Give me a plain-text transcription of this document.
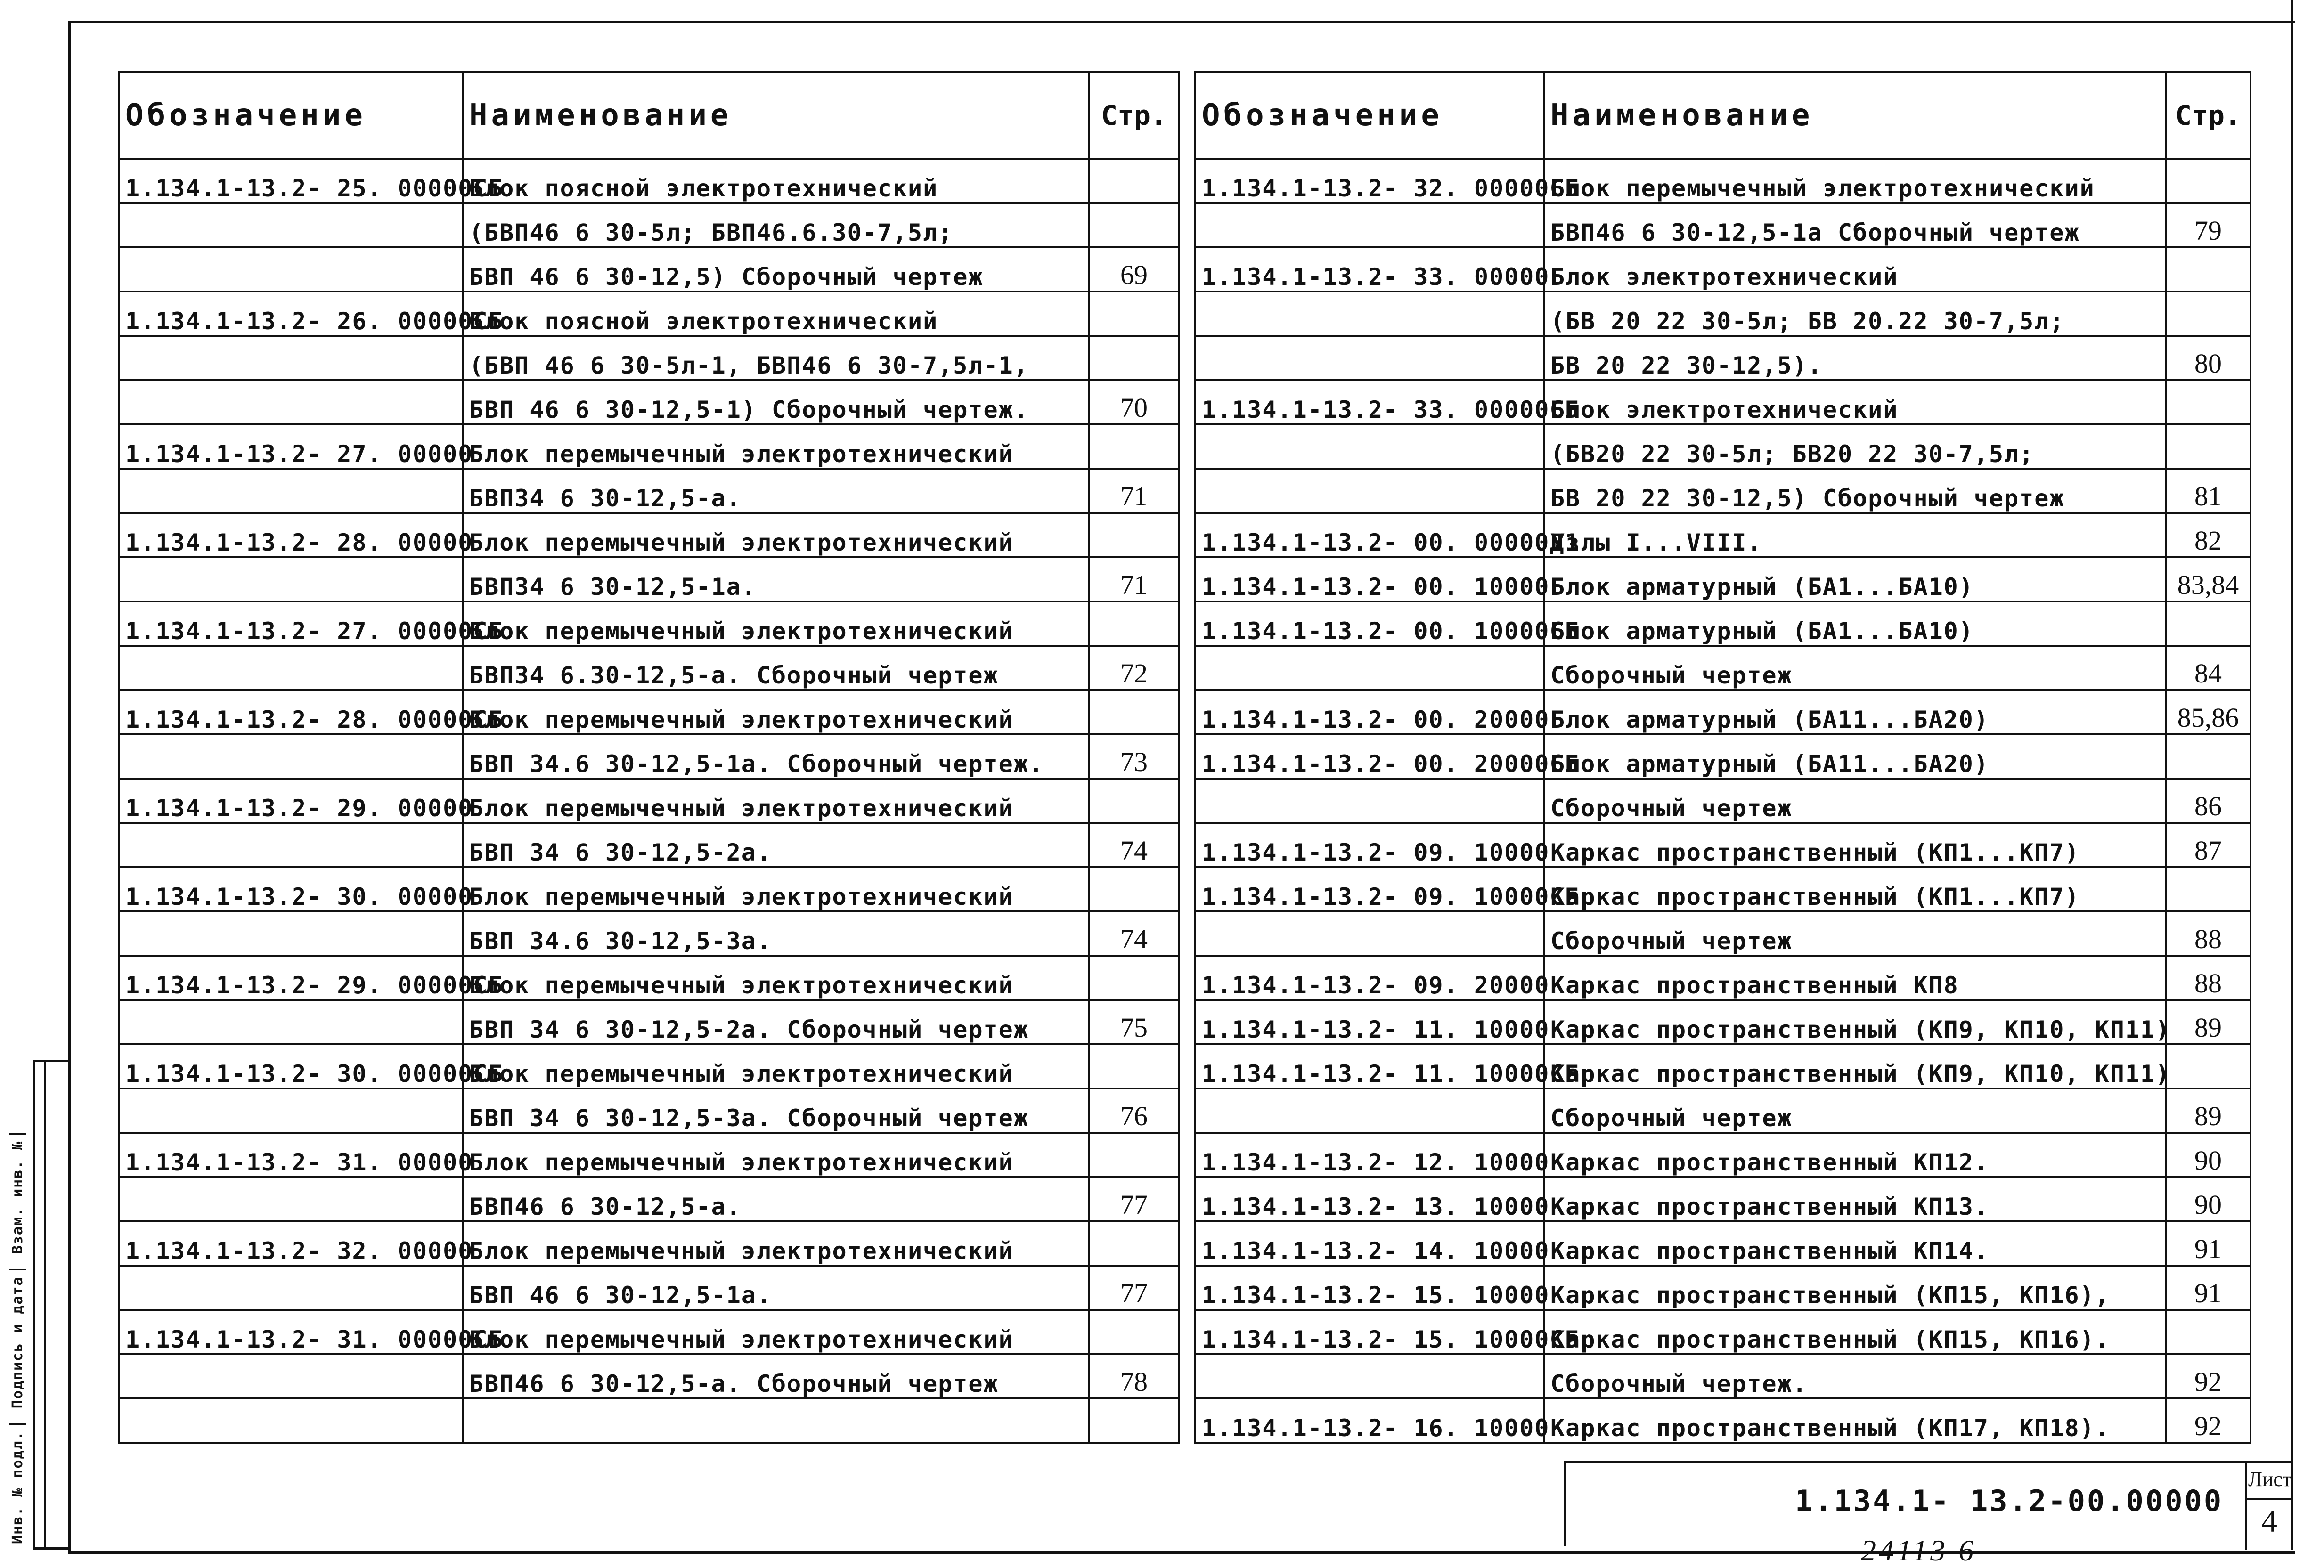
Инв. № подл. Подпись и дата Взам. инв. №
Обозначение	Наименование	Стр.
1.134.1-13.2- 25. 00000СБ	Блок поясной электротехнический	
	(БВП46 6 30-5л; БВП46.6.30-7,5л;	
	БВП 46 6 30-12,5) Сборочный чертеж	69
1.134.1-13.2- 26. 00000СБ	Блок поясной электротехнический	
	(БВП 46 6 30-5л-1, БВП46 6 30-7,5л-1,	
	БВП 46 6 30-12,5-1) Сборочный чертеж.	70
1.134.1-13.2- 27. 00000	Блок перемычечный электротехнический	
	БВП34 6 30-12,5-а.	71
1.134.1-13.2- 28. 00000	Блок перемычечный электротехнический	
	БВП34 6 30-12,5-1а.	71
1.134.1-13.2- 27. 00000СБ	Блок перемычечный электротехнический	
	БВП34 6.30-12,5-а. Сборочный чертеж	72
1.134.1-13.2- 28. 00000СБ	Блок перемычечный электротехнический	
	БВП 34.6 30-12,5-1а. Сборочный чертеж.	73
1.134.1-13.2- 29. 00000	Блок перемычечный электротехнический	
	БВП 34 6 30-12,5-2а.	74
1.134.1-13.2- 30. 00000	Блок перемычечный электротехнический	
	БВП 34.6 30-12,5-3а.	74
1.134.1-13.2- 29. 00000СБ	Блок перемычечный электротехнический	
	БВП 34 6 30-12,5-2а. Сборочный чертеж	75
1.134.1-13.2- 30. 00000СБ	Блок перемычечный электротехнический	
	БВП 34 6 30-12,5-3а. Сборочный чертеж	76
1.134.1-13.2- 31. 00000	Блок перемычечный электротехнический	
	БВП46 6 30-12,5-а.	77
1.134.1-13.2- 32. 00000	Блок перемычечный электротехнический	
	БВП 46 6 30-12,5-1а.	77
1.134.1-13.2- 31. 00000СБ	Блок перемычечный электротехнический	
	БВП46 6 30-12,5-а. Сборочный чертеж	78

Обозначение	Наименование	Стр.
1.134.1-13.2- 32. 00000СБ	Блок перемычечный электротехнический	
	БВП46 6 30-12,5-1а Сборочный чертеж	79
1.134.1-13.2- 33. 00000	Блок электротехнический	
	(БВ 20 22 30-5л; БВ 20.22 30-7,5л;	
	БВ 20 22 30-12,5).	80
1.134.1-13.2- 33. 00000СБ	Блок электротехнический	
	(БВ20 22 30-5л; БВ20 22 30-7,5л;	
	БВ 20 22 30-12,5) Сборочный чертеж	81
1.134.1-13.2- 00. 00000Д1	Узлы I...VIII.	82
1.134.1-13.2- 00. 10000	Блок арматурный (БА1...БА10)	83,84
1.134.1-13.2- 00. 10000СБ	Блок арматурный (БА1...БА10)	
	Сборочный чертеж	84
1.134.1-13.2- 00. 20000	Блок арматурный (БА11...БА20)	85,86
1.134.1-13.2- 00. 20000СБ	Блок арматурный (БА11...БА20)	
	Сборочный чертеж	86
1.134.1-13.2- 09. 10000	Каркас пространственный (КП1...КП7)	87
1.134.1-13.2- 09. 10000СБ	Каркас пространственный (КП1...КП7)	
	Сборочный чертеж	88
1.134.1-13.2- 09. 20000	Каркас пространственный КП8	88
1.134.1-13.2- 11. 10000	Каркас пространственный (КП9, КП10, КП11)	89
1.134.1-13.2- 11. 10000СБ	Каркас пространственный (КП9, КП10, КП11)	
	Сборочный чертеж	89
1.134.1-13.2- 12. 10000	Каркас пространственный КП12.	90
1.134.1-13.2- 13. 10000	Каркас пространственный КП13.	90
1.134.1-13.2- 14. 10000	Каркас пространственный КП14.	91
1.134.1-13.2- 15. 10000	Каркас пространственный (КП15, КП16),	91
1.134.1-13.2- 15. 10000СБ	Каркас пространственный (КП15, КП16).	
	Сборочный чертеж.	92
1.134.1-13.2- 16. 10000	Каркас пространственный (КП17, КП18).	92
1.134.1- 13.2-00.00000
Лист
4
24113 6
